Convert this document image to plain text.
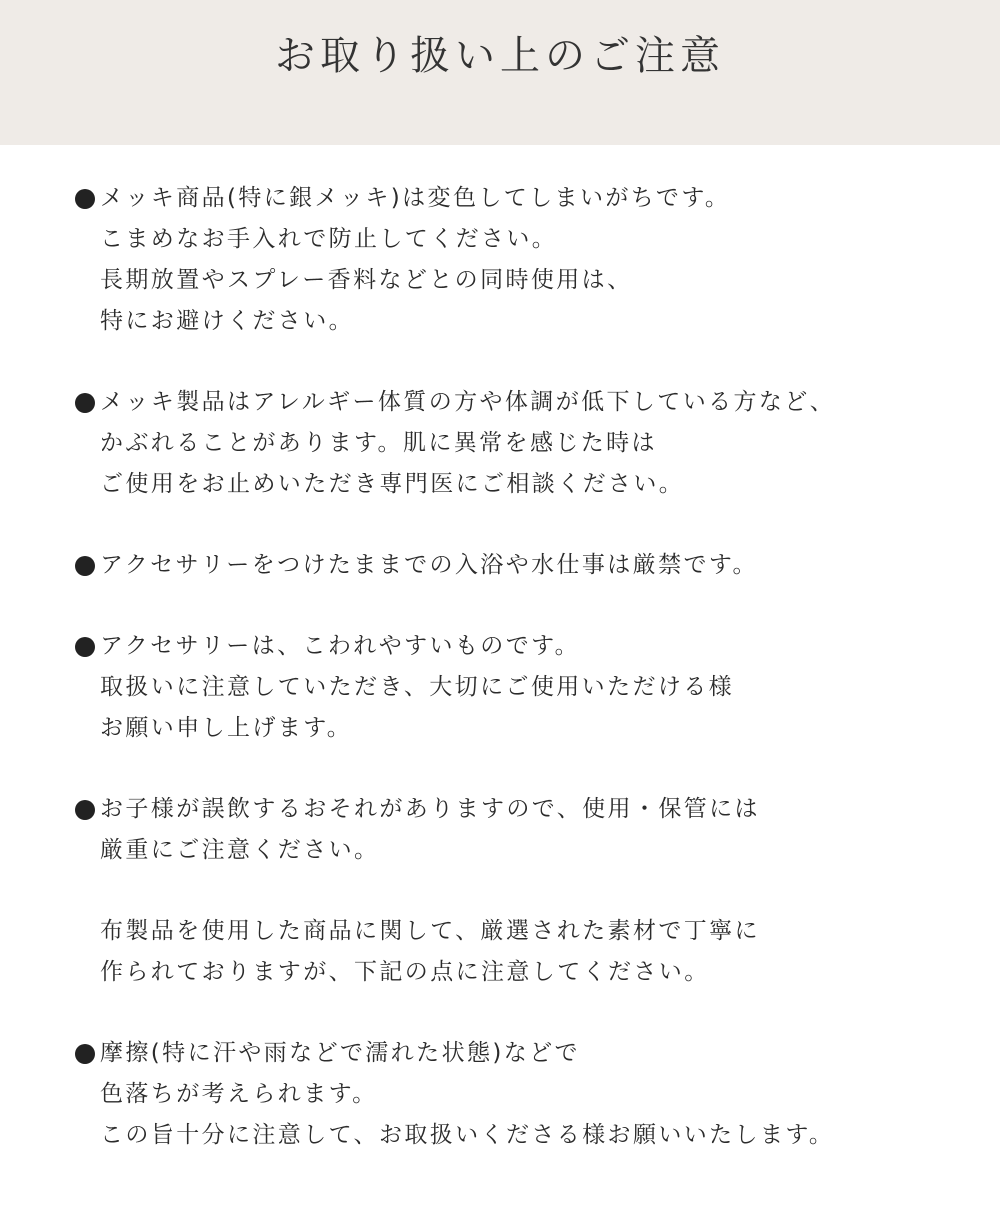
お取り扱い上のご注意
メッキ商品(特に銀メッキ)は変色してしまいがちです。
こまめなお手入れで防止してください。
長期放置やスプレー香料などとの同時使用は、
特にお避けください。
メッキ製品はアレルギー体質の方や体調が低下している方など、
かぶれることがあります。肌に異常を感じた時は
ご使用をお止めいただき専門医にご相談ください。
アクセサリーをつけたままでの入浴や水仕事は厳禁です。
アクセサリーは、こわれやすいものです。
取扱いに注意していただき、大切にご使用いただける様
お願い申し上げます。
お子様が誤飲するおそれがありますので、使用・保管には
厳重にご注意ください。
布製品を使用した商品に関して、厳選された素材で丁寧に
作られておりますが、下記の点に注意してください。
摩擦(特に汗や雨などで濡れた状態)などで
色落ちが考えられます。
この旨十分に注意して、お取扱いくださる様お願いいたします。
